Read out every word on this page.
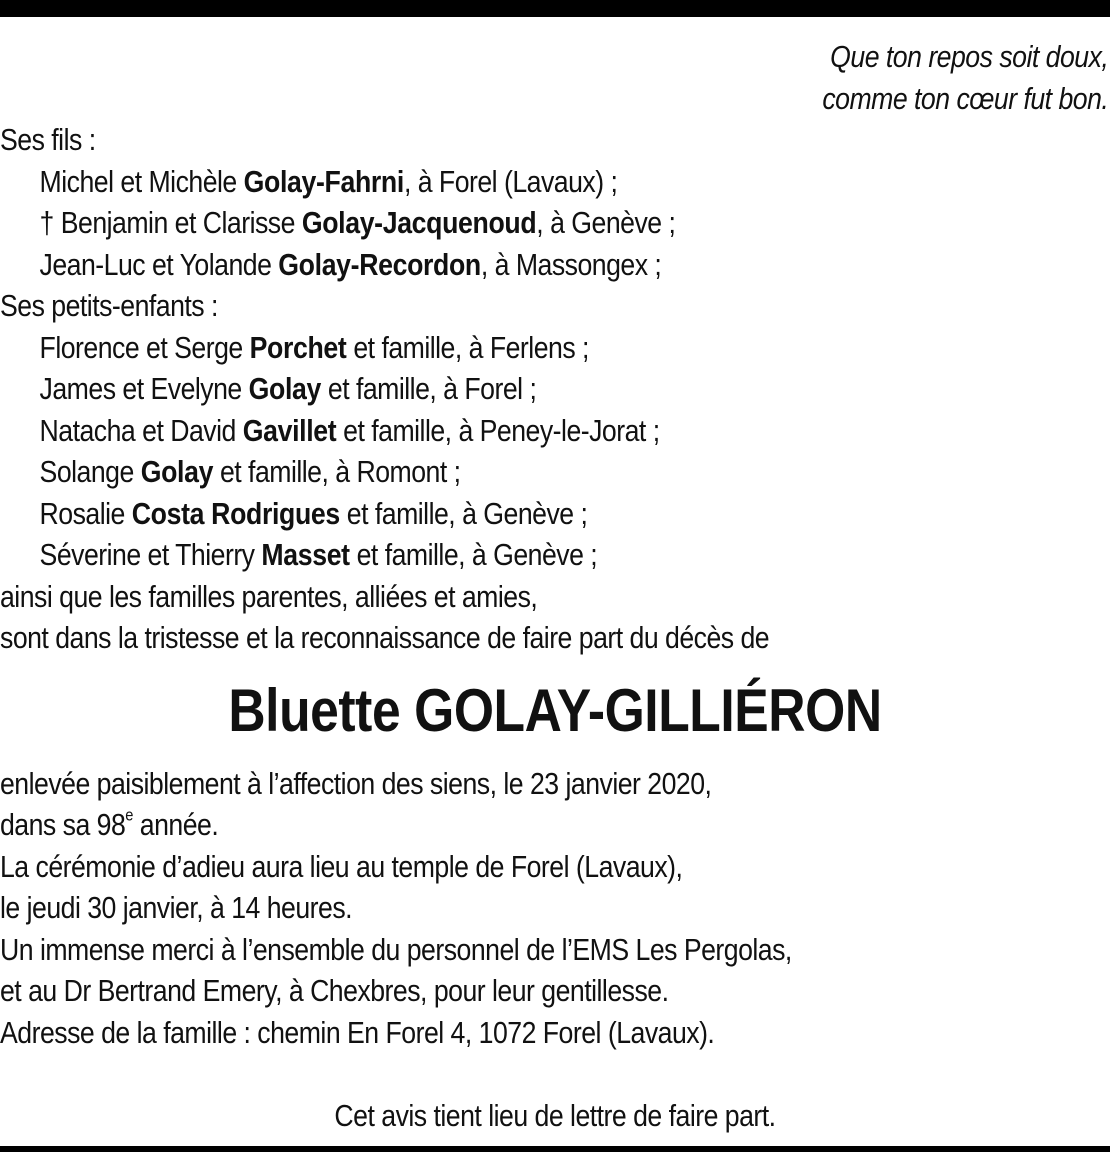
Que ton repos soit doux,
comme ton cœur fut bon.
Ses fils :
Michel et Michèle Golay-Fahrni, à Forel (Lavaux) ;
† Benjamin et Clarisse Golay-Jacquenoud, à Genève ;
Jean-Luc et Yolande Golay-Recordon, à Massongex ;
Ses petits-enfants :
Florence et Serge Porchet et famille, à Ferlens ;
James et Evelyne Golay et famille, à Forel ;
Natacha et David Gavillet et famille, à Peney-le-Jorat ;
Solange Golay et famille, à Romont ;
Rosalie Costa Rodrigues et famille, à Genève ;
Séverine et Thierry Masset et famille, à Genève ;
ainsi que les familles parentes, alliées et amies,
sont dans la tristesse et la reconnaissance de faire part du décès de
Bluette GOLAY-GILLIÉRON
enlevée paisiblement à l’affection des siens, le 23 janvier 2020,
dans sa 98e année.
La cérémonie d’adieu aura lieu au temple de Forel (Lavaux),
le jeudi 30 janvier, à 14 heures.
Un immense merci à l’ensemble du personnel de l’EMS Les Pergolas,
et au Dr Bertrand Emery, à Chexbres, pour leur gentillesse.
Adresse de la famille : chemin En Forel 4, 1072 Forel (Lavaux).
Cet avis tient lieu de lettre de faire part.
